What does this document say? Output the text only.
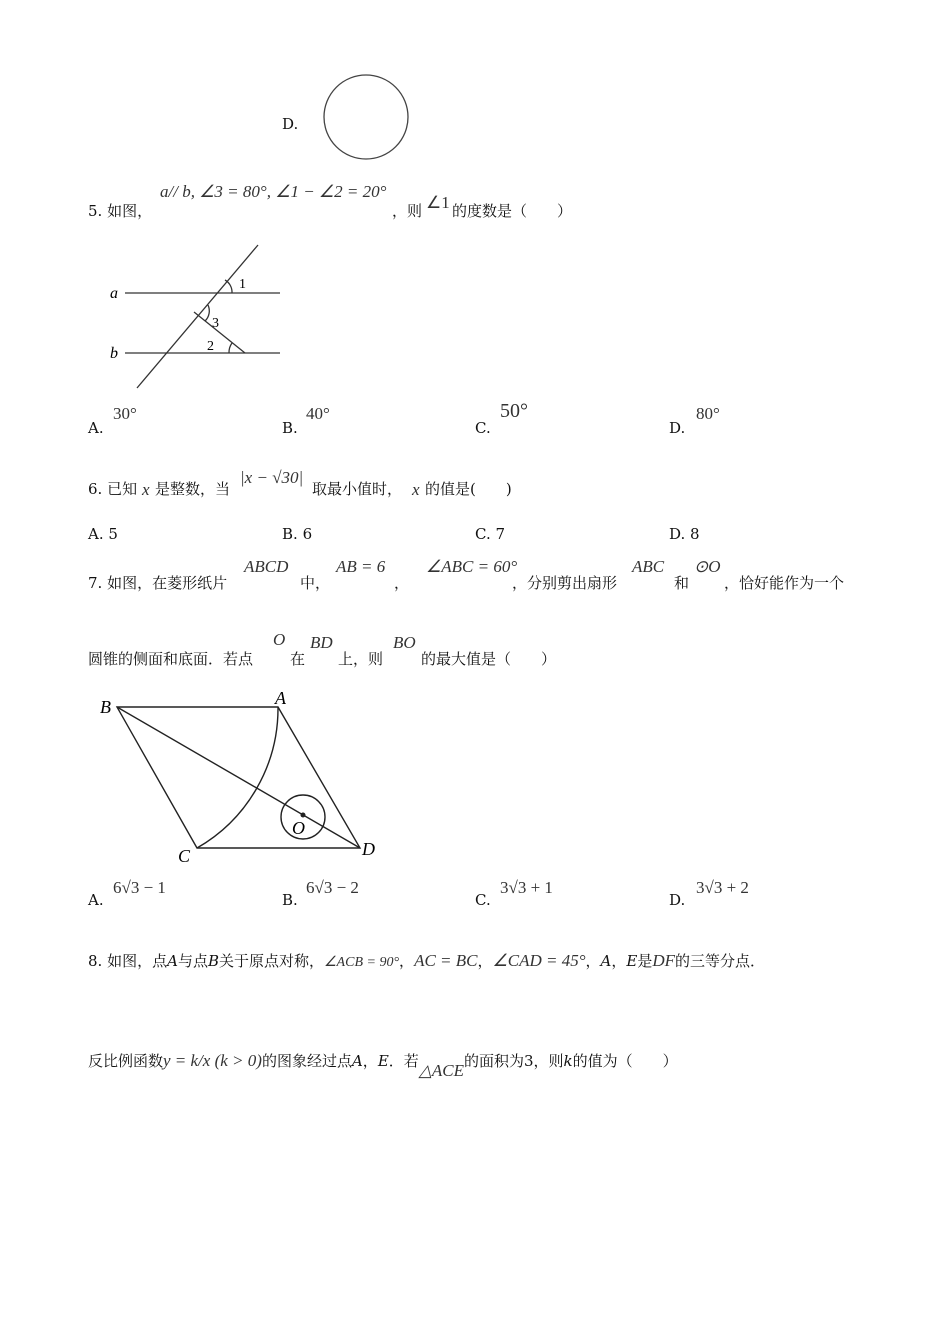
a
b
1
3
2
B	A
C	D
O
D.
5. 如图，
a// b, ∠3 = 80°, ∠1 − ∠2 = 20°
，则 ∠1 的度数是（　　）
A.
30°
B.
40°
C.
50°
D.
80°
6. 已知 x 是整数，当
|x − √30|
取最小值时， x 的值是(　　)
A. 5	B. 6	C. 7	D. 8
7. 如图，在菱形纸片
ABCD
中，
AB = 6
，
∠ABC = 60°
，分别剪出扇形
ABC
和
⊙O
，恰好能作为一个
圆锥的侧面和底面．若点
O
在
BD
上，则
BO
的最大值是（　　）
A.
6√3 − 1
B.
6√3 − 2
C.
3√3 + 1
D.
3√3 + 2
8. 如图，点A与点B关于原点对称，∠ACB = 90°，AC = BC，∠CAD = 45°，A，E是DF的三等分点．
反比例函数y = k/x (k > 0)的图象经过点A，E．若△ACE的面积为3，则k的值为（　　）
